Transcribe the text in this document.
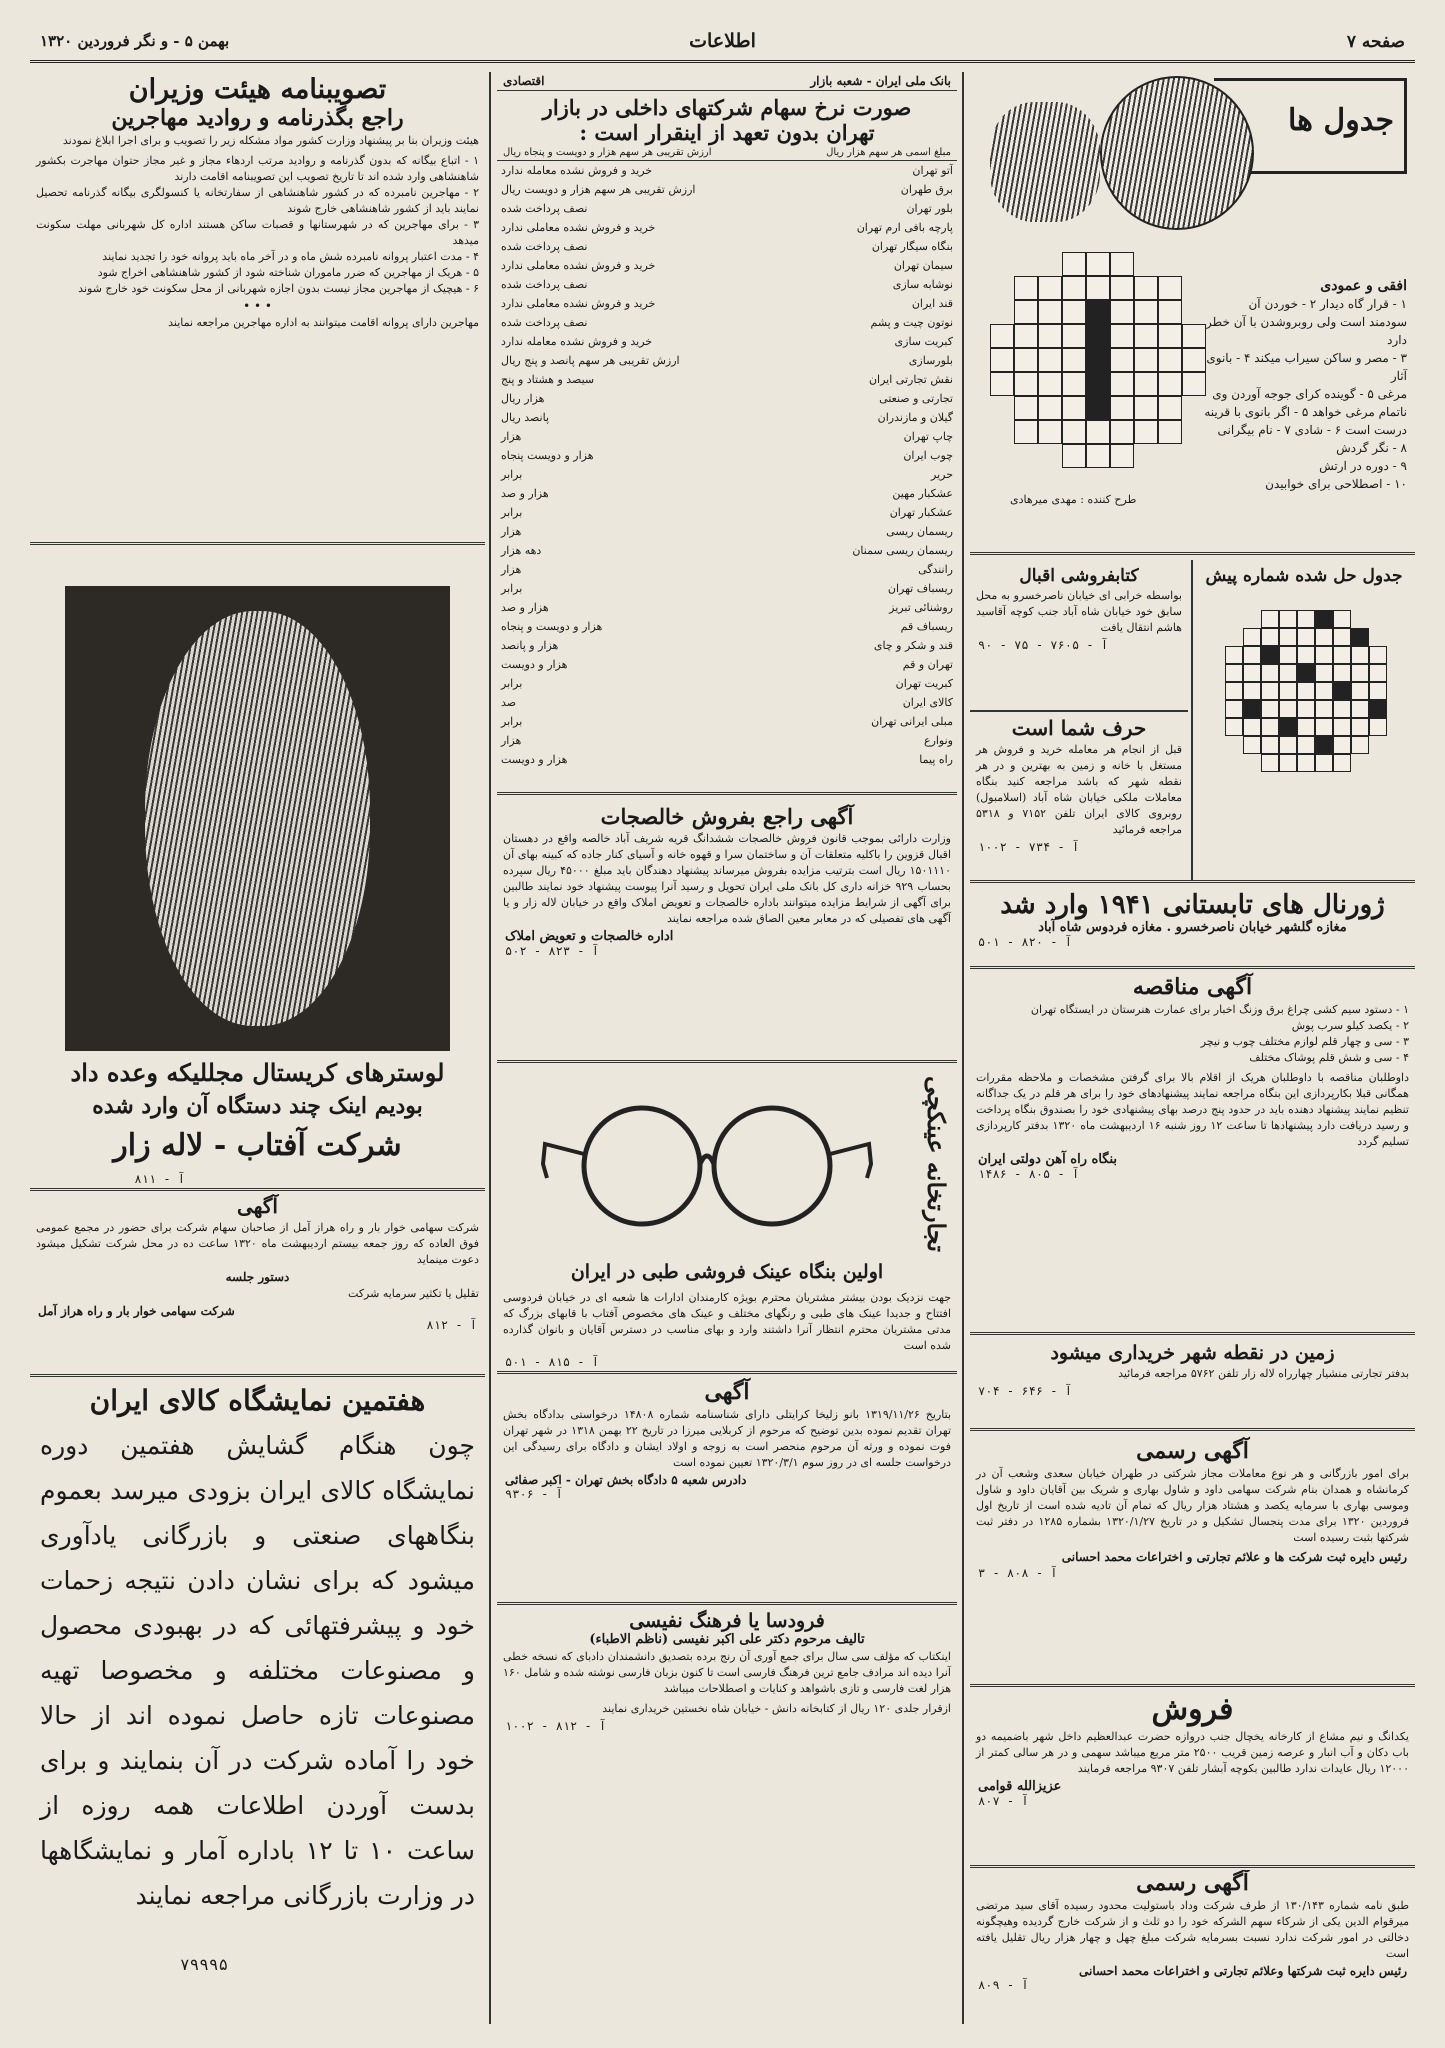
صفحه ۷
اطلاعات
بهمن ۵ - و نگر فروردین ۱۳۲۰
جدول ها
افقی و عمودی
۱ - قرار گاه دیدار ۲ - خوردن آن
سودمند است ولی روبروشدن با آن خطر دارد
۳ - مصر و ساکن سیراب میکند ۴ - بانوی آثار
مرغی ۵ - گوینده کرای جوجه آوردن وی
ناتمام مرغی خواهد ۵ - اگر بانوی با قرینه
درست است ۶ - شادی ۷ - نام بیگرانی
۸ - نگر گردش
۹ - دوره در ارتش
۱۰ - اصطلاحی برای خوابیدن
طرح کننده : مهدی میرهادی
جدول حل شده شماره پیش
کتابفروشی اقبال
بواسطه خرابی ای خیابان ناصرخسرو به محل سابق خود خیابان شاه آباد جنب کوچه آقاسید هاشم انتقال یافت
آ - ۷۶۰۵ - ۷۵ - ۹۰
حرف شما است
قبل از انجام هر معامله خرید و فروش هر مستغل با خانه و زمین به بهترین و در هر نقطه شهر که باشد مراجعه کنید بنگاه معاملات ملکی خیابان شاه آباد (اسلامبول) روبروی کالای ایران تلفن ۷۱۵۲ و ۵۳۱۸ مراجعه فرمائید
آ - ۷۳۴ - ۱۰۰۲
ژورنال های تابستانی ۱۹۴۱ وارد شد
مغازه گلشهر خیابان ناصرخسرو . مغازه فردوس شاه آباد
آ - ۸۲۰ - ۵۰۱
آگهی مناقصه
۱ - دستود سیم کشی چراغ برق وزنگ اخبار برای عمارت هنرستان در ایستگاه تهران
۲ - یکصد کیلو سرب پوش
۳ - سی و چهار قلم لوازم مختلف چوب و نیچر
۴ - سی و شش قلم پوشاک مختلف
داوطلبان مناقصه با داوطلبان هریک از اقلام بالا برای گرفتن مشخصات و ملاحظه مقررات همگانی قبلا بکارپردازی این بنگاه مراجعه نمایند پیشنهادهای خود را برای هر قلم در یک جداگانه تنظیم نمایند پیشنهاد دهنده باید در حدود پنج درصد بهای پیشنهادی خود را بصندوق بنگاه پرداخت و رسید دریافت دارد پیشنهادها تا ساعت ۱۲ روز شنبه ۱۶ اردیبهشت ماه ۱۳۲۰ بدفتر کارپردازی تسلیم گردد
بنگاه راه آهن دولتی ایران
آ - ۸۰۵ - ۱۴۸۶
زمین در نقطه شهر خریداری میشود
بدفتر تجارتی منشیار چهارراه لاله زار تلفن ۵۷۶۲ مراجعه فرمائید
آ - ۶۴۶ - ۷۰۴
آگهی رسمی
برای امور بازرگانی و هر نوع معاملات مجاز شرکتی در طهران خیابان سعدی وشعب آن در کرمانشاه و همدان بنام شرکت سهامی داود و شاول بهاری و شریک بین آقایان داود و شاول وموسی بهاری با سرمایه یکصد و هشتاد هزار ریال که تمام آن تادیه شده است از تاریخ اول فروردین ۱۳۲۰ برای مدت پنجسال تشکیل و در تاریخ ۱۳۲۰/۱/۲۷ بشماره ۱۲۸۵ در دفتر ثبت شرکتها بثبت رسیده است
رئیس دایره ثبت شرکت ها و علائم تجارتی و اختراعات محمد احسانی
آ - ۸۰۸ - ۳
فروش
یکدانگ و نیم مشاع از کارخانه یخچال جنب دروازه حضرت عبدالعظیم داخل شهر باضمیمه دو باب دکان و آب انبار و عرصه زمین قریب ۲۵۰۰ متر مربع میباشد سهمی و در هر سالی کمتر از ۱۲۰۰۰ ریال عایدات ندارد طالبین بکوچه آبشار تلفن ۹۳۰۷ مراجعه فرمایند
عزیزالله قوامی
آ - ۸۰۷
آگهی رسمی
طبق نامه شماره ۱۳۰/۱۴۳ از طرف شرکت وداد باستولیت محدود رسیده آقای سید مرتضی میرقوام الدین یکی از شرکاء سهم الشرکه خود را دو ثلث و از شرکت خارج گردیده وهیچگونه دخالتی در امور شرکت ندارد نسبت بسرمایه شرکت مبلغ چهل و چهار هزار ریال تقلیل یافته است
رئیس دایره ثبت شرکتها وعلائم تجارتی و اختراعات محمد احسانی
آ - ۸۰۹
بانک ملی ایران - شعبه بازار
اقتصادی
صورت نرخ سهام شرکتهای داخلی در بازار
تهران بدون تعهد از اینقرار است :
مبلغ اسمی هر سهم هزار ریال
ارزش تقریبی هر سهم هزار و دویست و پنجاه ریال
آتو تهران	خرید و فروش نشده معامله ندارد
برق طهران	ارزش تقریبی هر سهم هزار و دویست ریال
بلور تهران	نصف پرداخت شده
پارچه بافی ارم تهران	خرید و فروش نشده معاملی ندارد
بنگاه سیگار تهران	نصف پرداخت شده
سیمان تهران	خرید و فروش نشده معاملی ندارد
نوشابه سازی	نصف پرداخت شده
قند ایران	خرید و فروش نشده معاملی ندارد
نوتون چیت و پشم	نصف پرداخت شده
کبریت سازی	خرید و فروش نشده معامله ندارد
بلورسازی	ارزش تقریبی هر سهم پانصد و پنج ریال
نقش تجارتی ایران	سیصد و هشتاد و پنج
تجارتی و صنعتی	هزار ریال
گیلان و مازندران	پانصد ریال
چاپ تهران	هزار
چوب ایران	هزار و دویست پنجاه
حریر	برابر
عشکبار مهین	هزار و صد
عشکبار تهران	برابر
ریسمان ریسی	هزار
ریسمان ریسی سمنان	دهه هزار
رانندگی	هزار
ریسباف تهران	برابر
روشنائی تبریز	هزار و صد
ریسباف قم	هزار و دویست و پنجاه
قند و شکر و چای	هزار و پانصد
تهران و قم	هزار و دویست
کبریت تهران	برابر
کالای ایران	صد
مبلی ایرانی تهران	برابر
ونوارع	هزار
راه پیما	هزار و دویست
آگهی راجع بفروش خالصجات
وزارت دارائی بموجب قانون فروش خالصجات ششدانگ قریه شریف آباد خالصه واقع در دهستان اقبال قزوین را باکلیه متعلقات آن و ساختمان سرا و قهوه خانه و آسیای کنار جاده که کبینه بهای آن ۱۵۰۱۱۱۰ ریال است بترتیب مزایده بفروش میرساند پیشنهاد دهندگان باید مبلغ ۴۵۰۰۰ ریال سپرده بحساب ۹۲۹ خزانه داری کل بانک ملی ایران تحویل و رسید آنرا پیوست پیشنهاد خود نمایند طالبین برای آگهی از شرایط مزایده میتوانند باداره خالصجات و تعویض املاک واقع در خیابان لاله زار و یا آگهی های تفصیلی که در معابر معین الصاق شده مراجعه نمایند
اداره خالصجات و تعویض املاک
آ - ۸۲۳ - ۵۰۲
تجارتخانه عینکچی
اولین بنگاه عینک فروشی طبی در ایران
جهت نزدیک بودن بیشتر مشتریان محترم بویژه کارمندان ادارات ها شعبه ای در خیابان فردوسی افتتاح و جدیدا عینک های طبی و رنگهای مختلف و عینک های مخصوص آفتاب با قابهای بزرگ که مدتی مشتریان محترم انتظار آنرا داشتند وارد و بهای مناسب در دسترس آقایان و بانوان گذارده شده است
آ - ۸۱۵ - ۵۰۱
آگهی
بتاریخ ۱۳۱۹/۱۱/۲۶ بانو زلیخا کرایتلی دارای شناسنامه شماره ۱۴۸۰۸ درخواستی بدادگاه بخش تهران تقدیم نموده بدین توضیح که مرحوم از کربلایی میرزا در تاریخ ۲۲ بهمن ۱۳۱۸ در شهر تهران فوت نموده و ورثه آن مرحوم منحصر است به زوجه و اولاد ایشان و دادگاه برای رسیدگی این درخواست جلسه ای در روز سوم ۱۳۲۰/۳/۱ تعیین نموده است
دادرس شعبه ۵ دادگاه بخش تهران - اکبر صفائی
آ - ۹۳۰۶
فرودسا یا فرهنگ نفیسی
تالیف مرحوم دکتر علی اکبر نفیسی (ناظم الاطباء)
اینکتاب که مؤلف سی سال برای جمع آوری آن رنج برده بتصدیق دانشمندان دادبای که نسخه خطی آنرا دیده اند مرادف جامع ترین فرهنگ فارسی است تا کنون بزبان فارسی نوشته شده و شامل ۱۶۰ هزار لغت فارسی و تازی باشواهد و کنایات و اصطلاحات میباشد
ازقرار جلدی ۱۲۰ ریال از کتابخانه دانش - خیابان شاه نخستین خریداری نمایند
آ - ۸۱۲ - ۱۰۰۲
تصویبنامه هیئت وزیران
راجع بگذرنامه و روادید مهاجرین
هیئت وزیران بنا بر پیشنهاد وزارت کشور مواد مشکله زیر را تصویب و برای اجرا ابلاغ نمودند
۱ - اتباع بیگانه که بدون گذرنامه و روادید مرتب اردهاء مجاز و غیر مجاز حتوان مهاجرت بکشور شاهنشاهی وارد شده اند تا تاریخ تصویب این تصویبنامه اقامت دارند
۲ - مهاجرین نامبرده که در کشور شاهنشاهی از سفارتخانه یا کنسولگری بیگانه گذرنامه تحصیل نمایند باید از کشور شاهنشاهی خارج شوند
۳ - برای مهاجرین که در شهرستانها و قصبات ساکن هستند اداره کل شهربانی مهلت سکونت میدهد
۴ - مدت اعتبار پروانه نامبرده شش ماه و در آخر ماه باید پروانه خود را تجدید نمایند
۵ - هریک از مهاجرین که ضرر ماموران شناخته شود از کشور شاهنشاهی اخراج شود
۶ - هیچیک از مهاجرین مجاز نیست بدون اجازه شهربانی از محل سکونت خود خارج شوند
• • •
مهاجرین دارای پروانه اقامت میتوانند به اداره مهاجرین مراجعه نمایند
لوسترهای کریستال مجللیکه وعده داد
بودیم اینک چند دستگاه آن وارد شده
شرکت آفتاب - لاله زار
آ - ۸۱۱
آگهی
شرکت سهامی خوار بار و راه هراز آمل از صاحبان سهام شرکت برای حضور در مجمع عمومی فوق العاده که روز جمعه بیستم اردیبهشت ماه ۱۳۲۰ ساعت ده در محل شرکت تشکیل میشود دعوت مینماید
دستور جلسه
تقلیل یا تکثیر سرمایه شرکت
شرکت سهامی خوار بار و راه هراز آمل
آ - ۸۱۲
هفتمین نمایشگاه کالای ایران
چون هنگام گشایش هفتمین دوره نمایشگاه کالای ایران بزودی میرسد بعموم بنگاههای صنعتی و بازرگانی یادآوری میشود که برای نشان دادن نتیجه زحمات خود و پیشرفتهائی که در بهبودی محصول و مصنوعات مختلفه و مخصوصا تهیه مصنوعات تازه حاصل نموده اند از حالا خود را آماده شرکت در آن بنمایند و برای بدست آوردن اطلاعات همه روزه از ساعت ۱۰ تا ۱۲ باداره آمار و نمایشگاهها در وزارت بازرگانی مراجعه نمایند
۷۹۹۹۵
